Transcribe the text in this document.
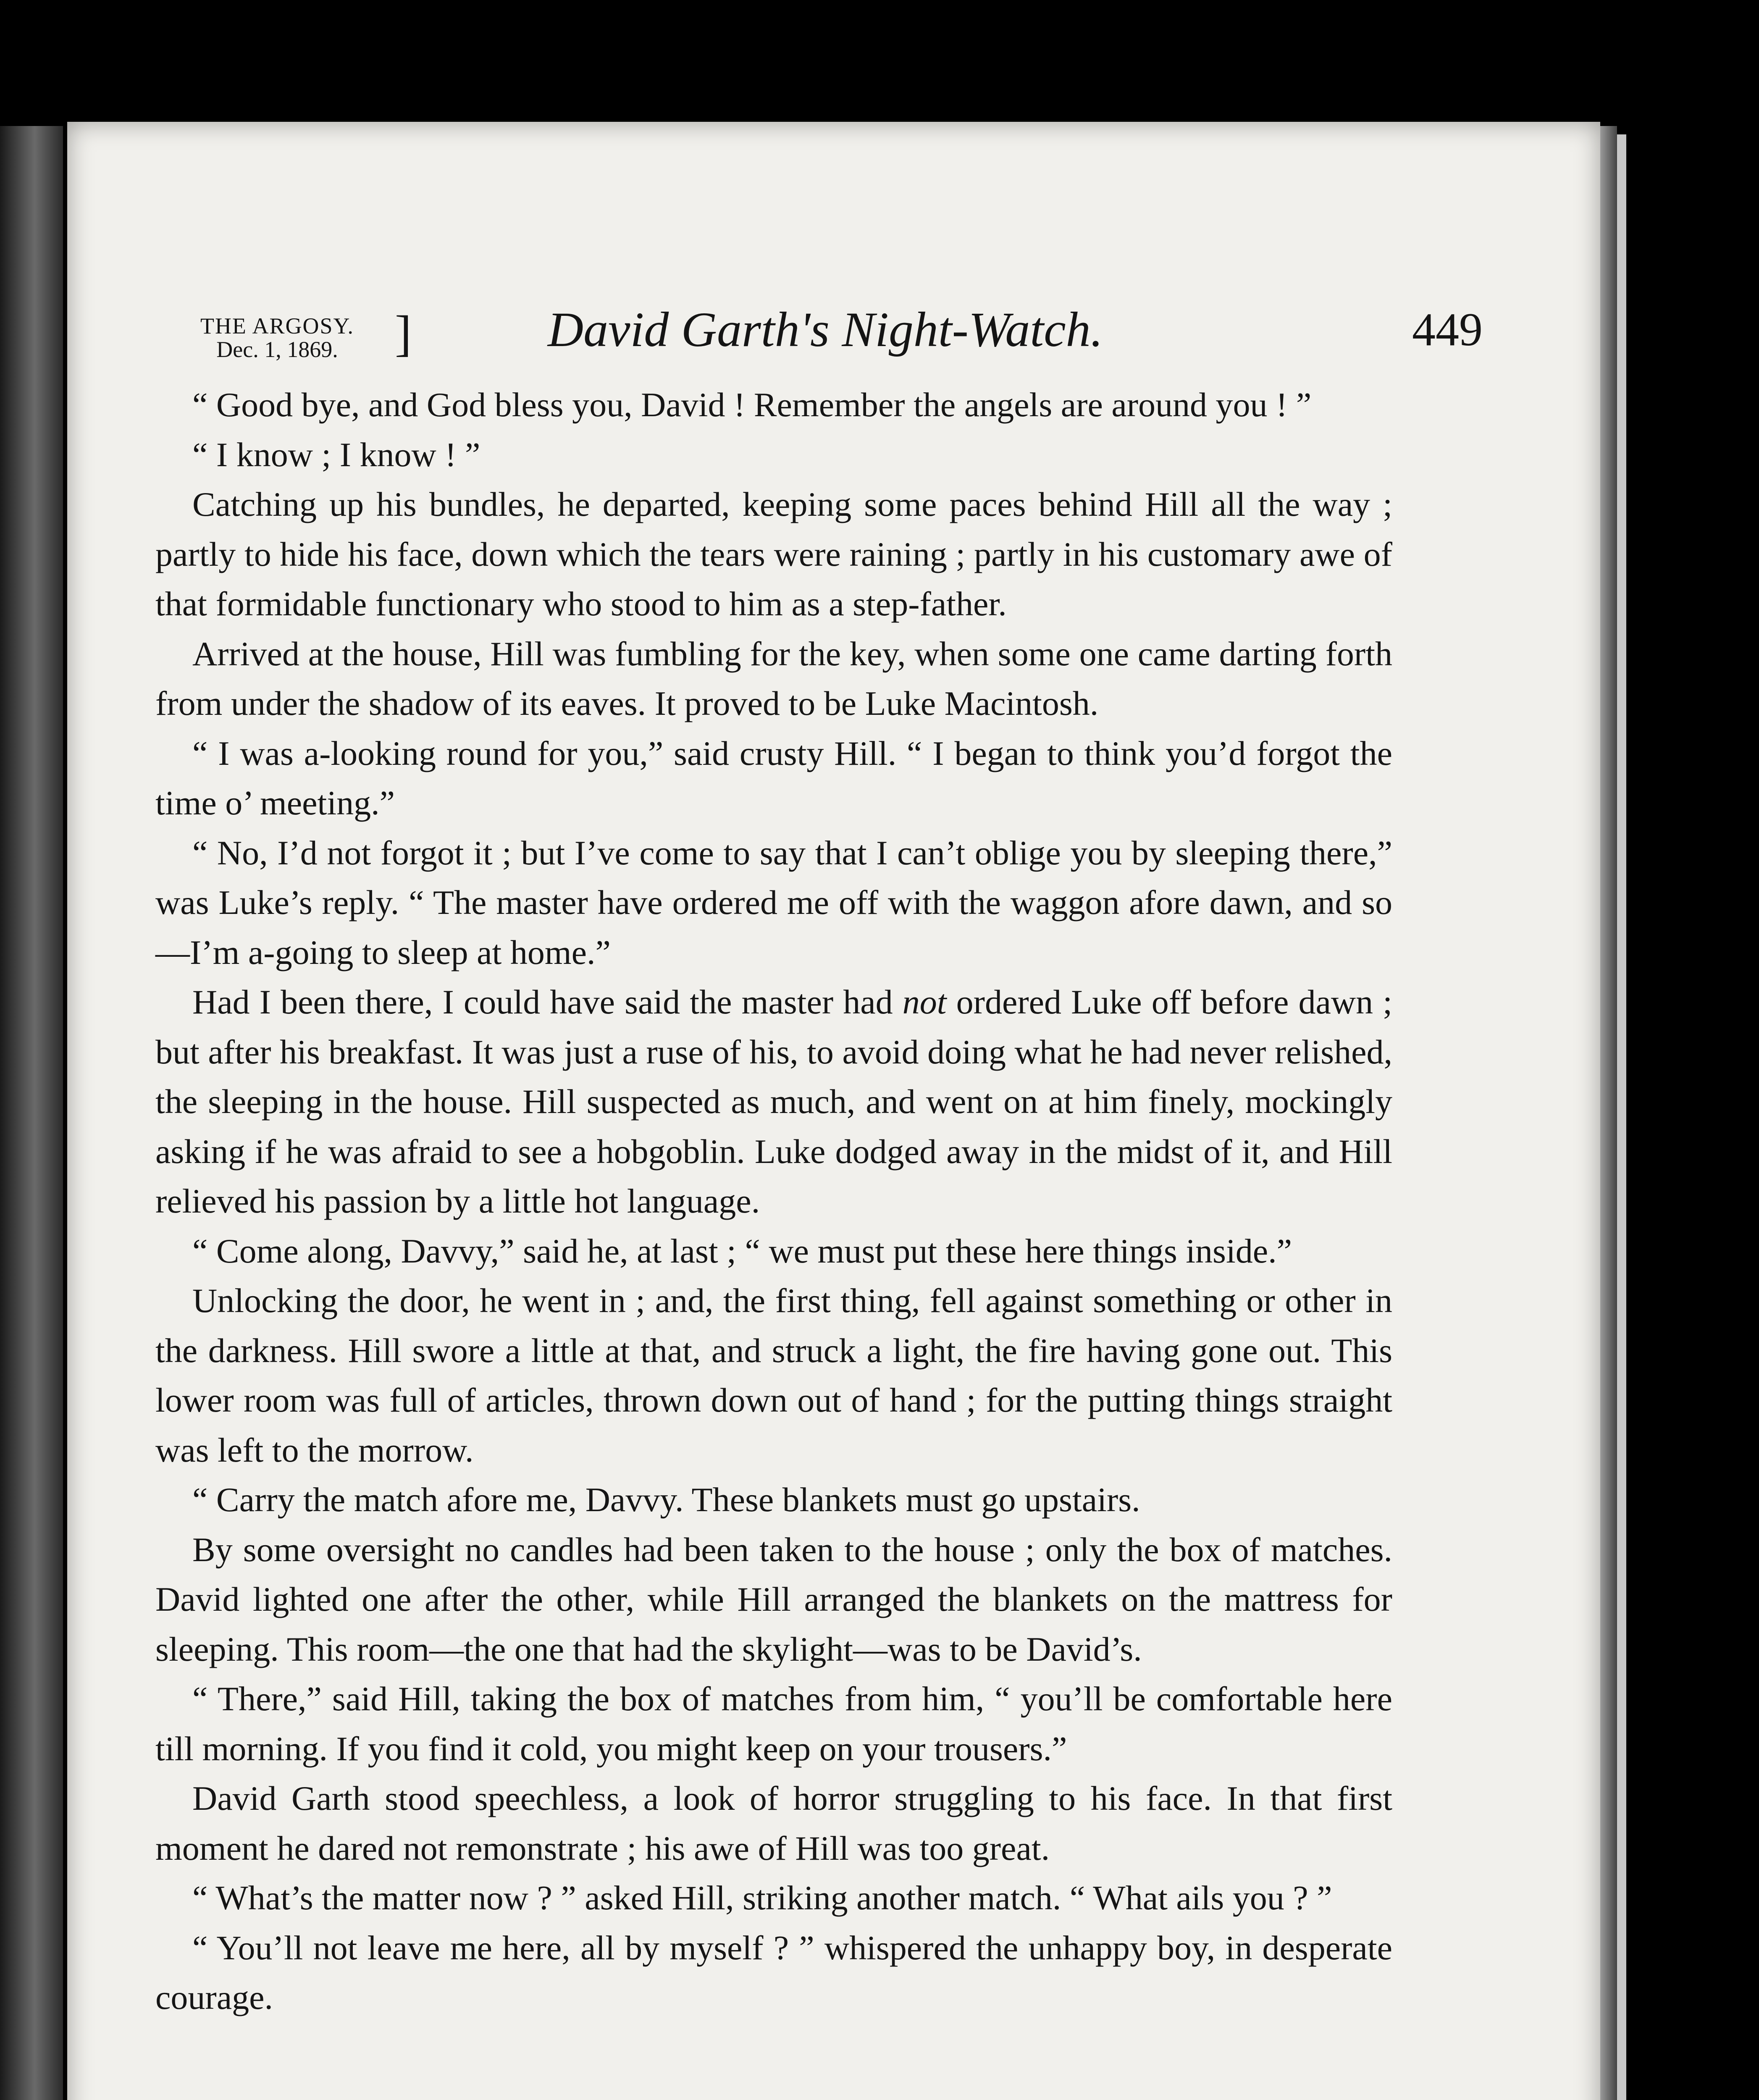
THE ARGOSY.
Dec. 1, 1869.	]	David Garth's Night-Watch.	449

“ Good bye, and God bless you, David ! Remember the angels are around you ! ”

“ I know ; I know ! ”

Catching up his bundles, he departed, keeping some paces behind Hill all the way ; partly to hide his face, down which the tears were raining ; partly in his customary awe of that formidable functionary who stood to him as a step-father.

Arrived at the house, Hill was fumbling for the key, when some one came darting forth from under the shadow of its eaves. It proved to be Luke Macintosh.

“ I was a-looking round for you,” said crusty Hill. “ I began to think you’d forgot the time o’ meeting.”

“ No, I’d not forgot it ; but I’ve come to say that I can’t oblige you by sleeping there,” was Luke’s reply. “ The master have ordered me off with the waggon afore dawn, and so—I’m a-going to sleep at home.”

Had I been there, I could have said the master had not ordered Luke off before dawn ; but after his breakfast. It was just a ruse of his, to avoid doing what he had never relished, the sleeping in the house. Hill suspected as much, and went on at him finely, mockingly asking if he was afraid to see a hobgoblin. Luke dodged away in the midst of it, and Hill relieved his passion by a little hot language.

“ Come along, Davvy,” said he, at last ; “ we must put these here things inside.”

Unlocking the door, he went in ; and, the first thing, fell against something or other in the darkness. Hill swore a little at that, and struck a light, the fire having gone out. This lower room was full of articles, thrown down out of hand ; for the putting things straight was left to the morrow.

“ Carry the match afore me, Davvy. These blankets must go upstairs.

By some oversight no candles had been taken to the house ; only the box of matches. David lighted one after the other, while Hill arranged the blankets on the mattress for sleeping. This room—the one that had the skylight—was to be David’s.

“ There,” said Hill, taking the box of matches from him, “ you’ll be comfortable here till morning. If you find it cold, you might keep on your trousers.”

David Garth stood speechless, a look of horror struggling to his face. In that first moment he dared not remonstrate ; his awe of Hill was too great.

“ What’s the matter now ? ” asked Hill, striking another match. “ What ails you ? ”

“ You’ll not leave me here, all by myself ? ” whispered the unhappy boy, in desperate courage.
